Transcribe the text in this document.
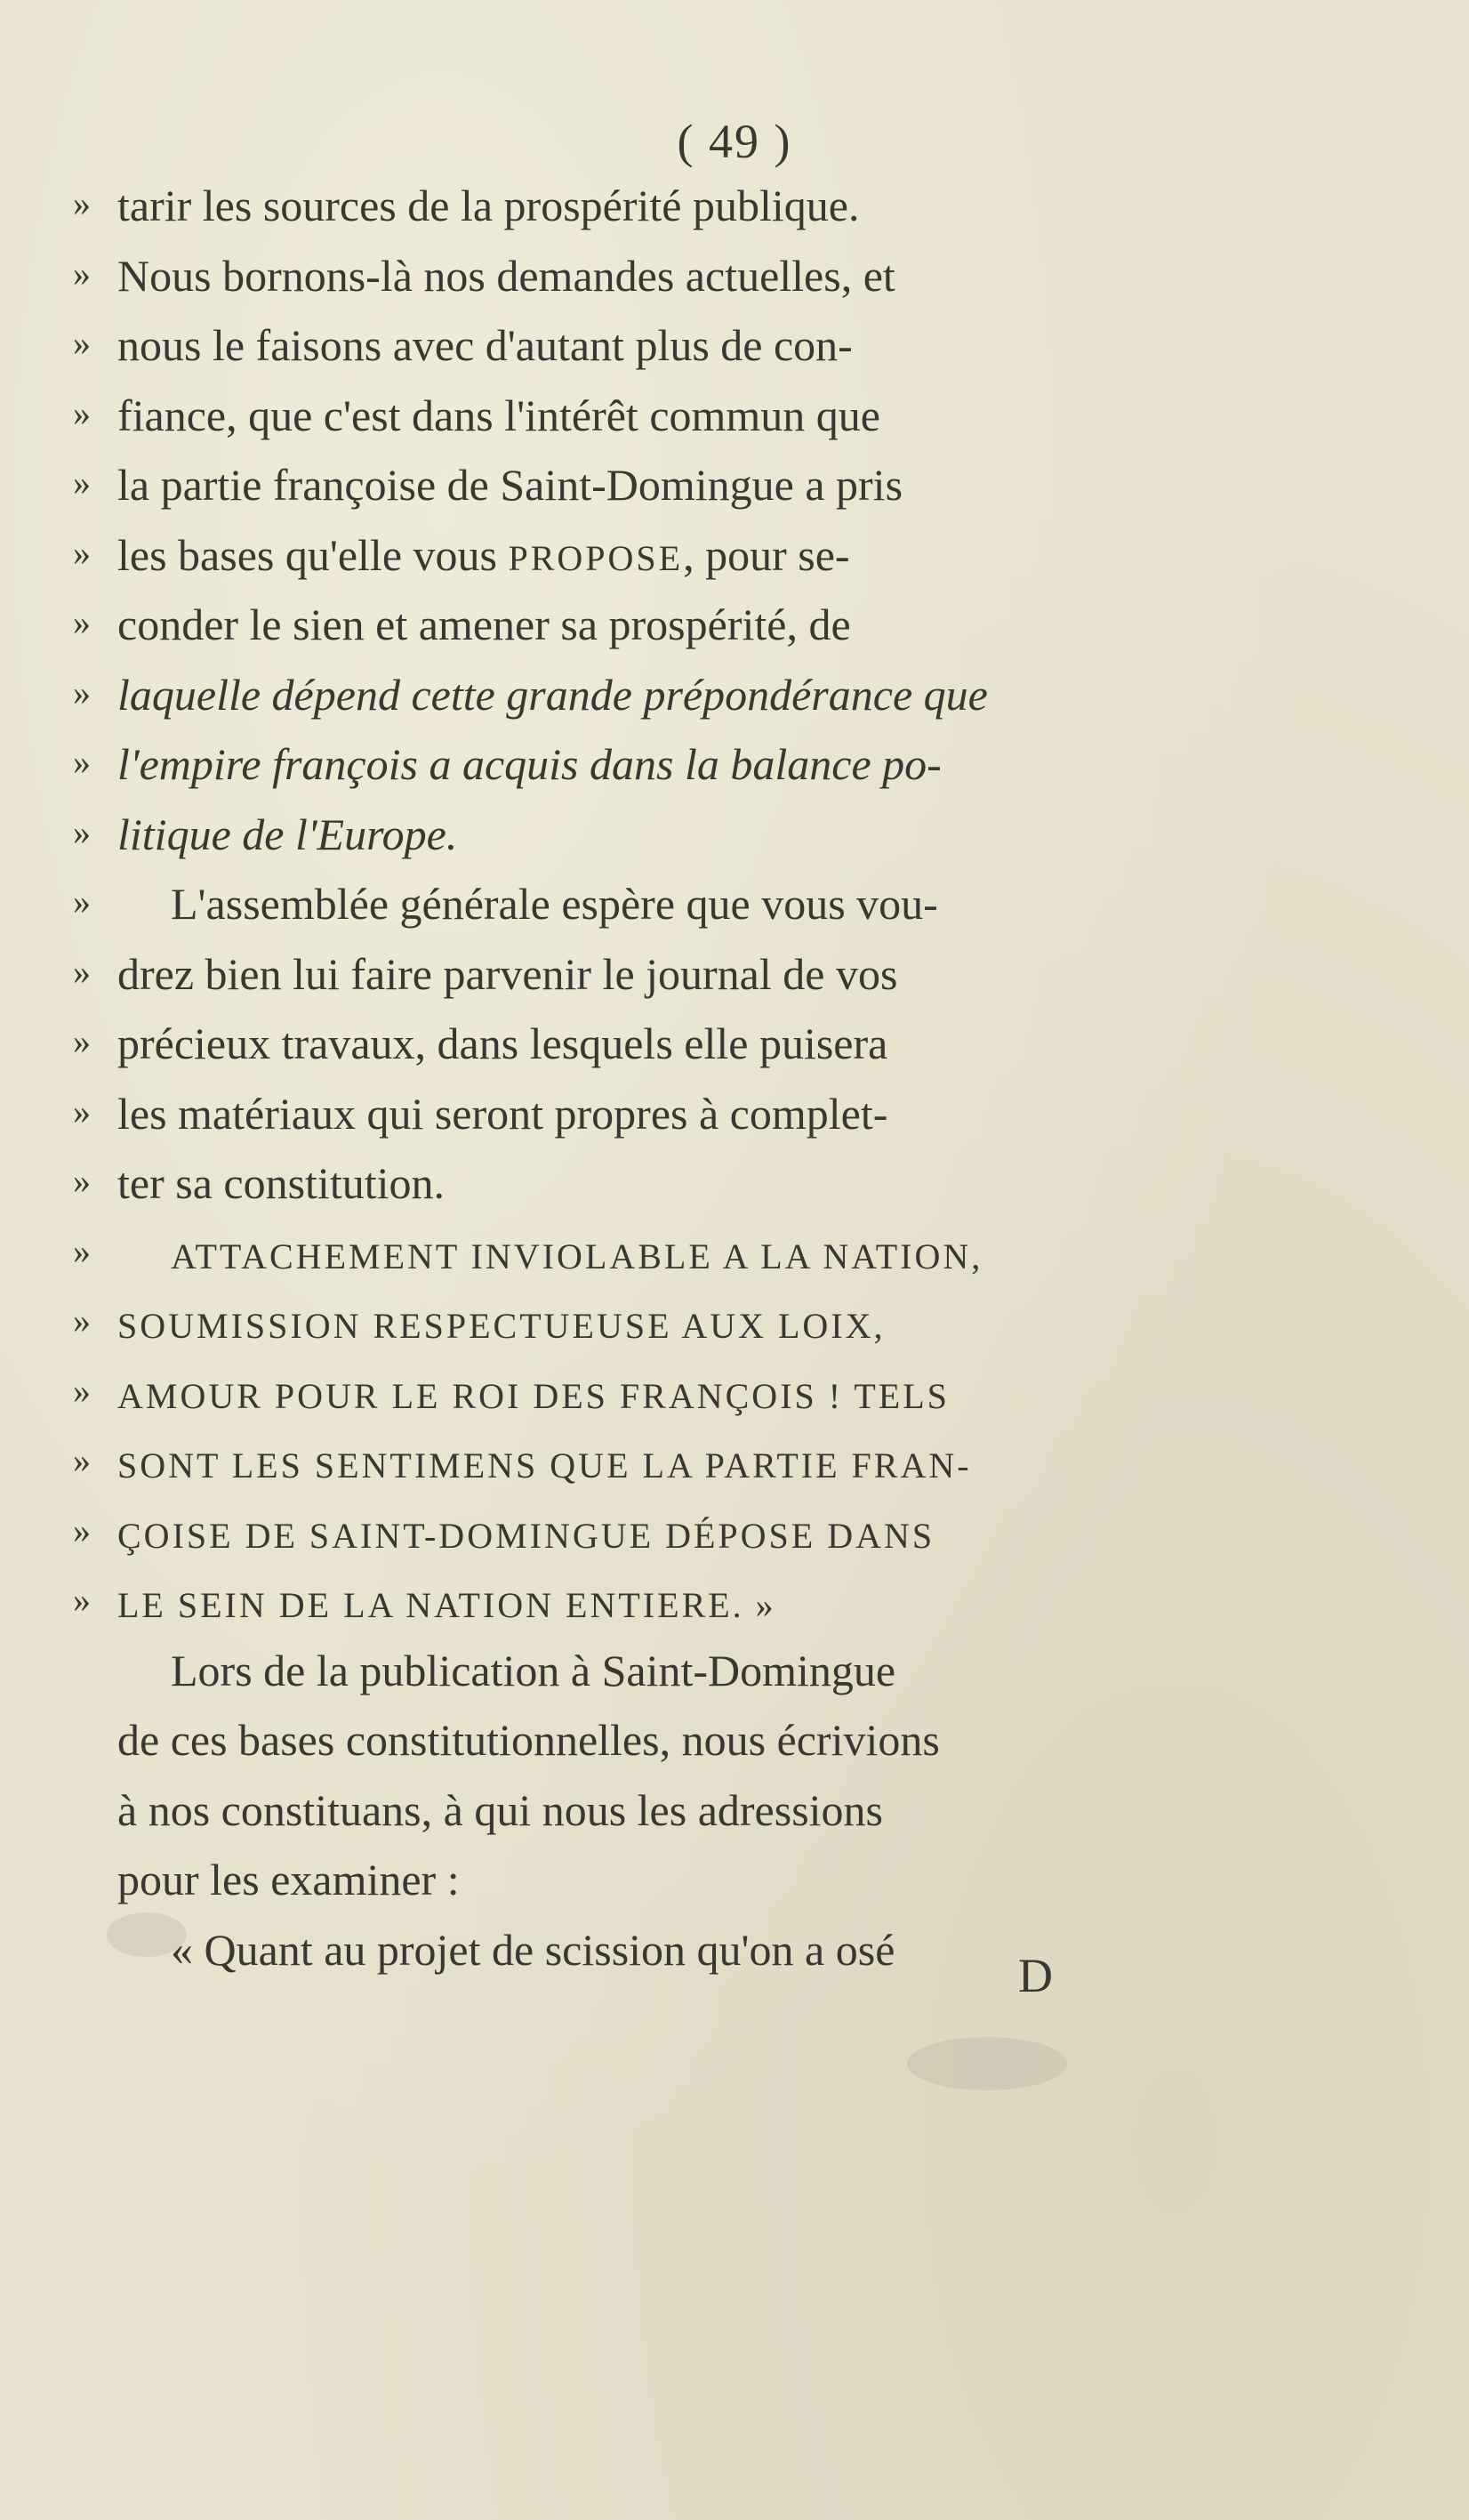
( 49 )
» tarir les sources de la prospérité publique.
» Nous bornons-là nos demandes actuelles, et
» nous le faisons avec d'autant plus de con-
» fiance, que c'est dans l'intérêt commun que
» la partie françoise de Saint-Domingue a pris
» les bases qu'elle vous PROPOSE, pour se-
» conder le sien et amener sa prospérité, de
» laquelle dépend cette grande prépondérance que
» l'empire françois a acquis dans la balance po-
» litique de l'Europe.
» L'assemblée générale espère que vous vou-
» drez bien lui faire parvenir le journal de vos
» précieux travaux, dans lesquels elle puisera
» les matériaux qui seront propres à complet-
» ter sa constitution.
» ATTACHEMENT INVIOLABLE A LA NATION,
» SOUMISSION RESPECTUEUSE AUX LOIX,
» AMOUR POUR LE ROI DES FRANÇOIS ! TELS
» SONT LES SENTIMENS QUE LA PARTIE FRAN-
» ÇOISE DE SAINT-DOMINGUE DÉPOSE DANS
» LE SEIN DE LA NATION ENTIERE. »
Lors de la publication à Saint-Domingue
de ces bases constitutionnelles, nous écrivions
à nos constituans, à qui nous les adressions
pour les examiner :
« Quant au projet de scission qu'on a osé	D
